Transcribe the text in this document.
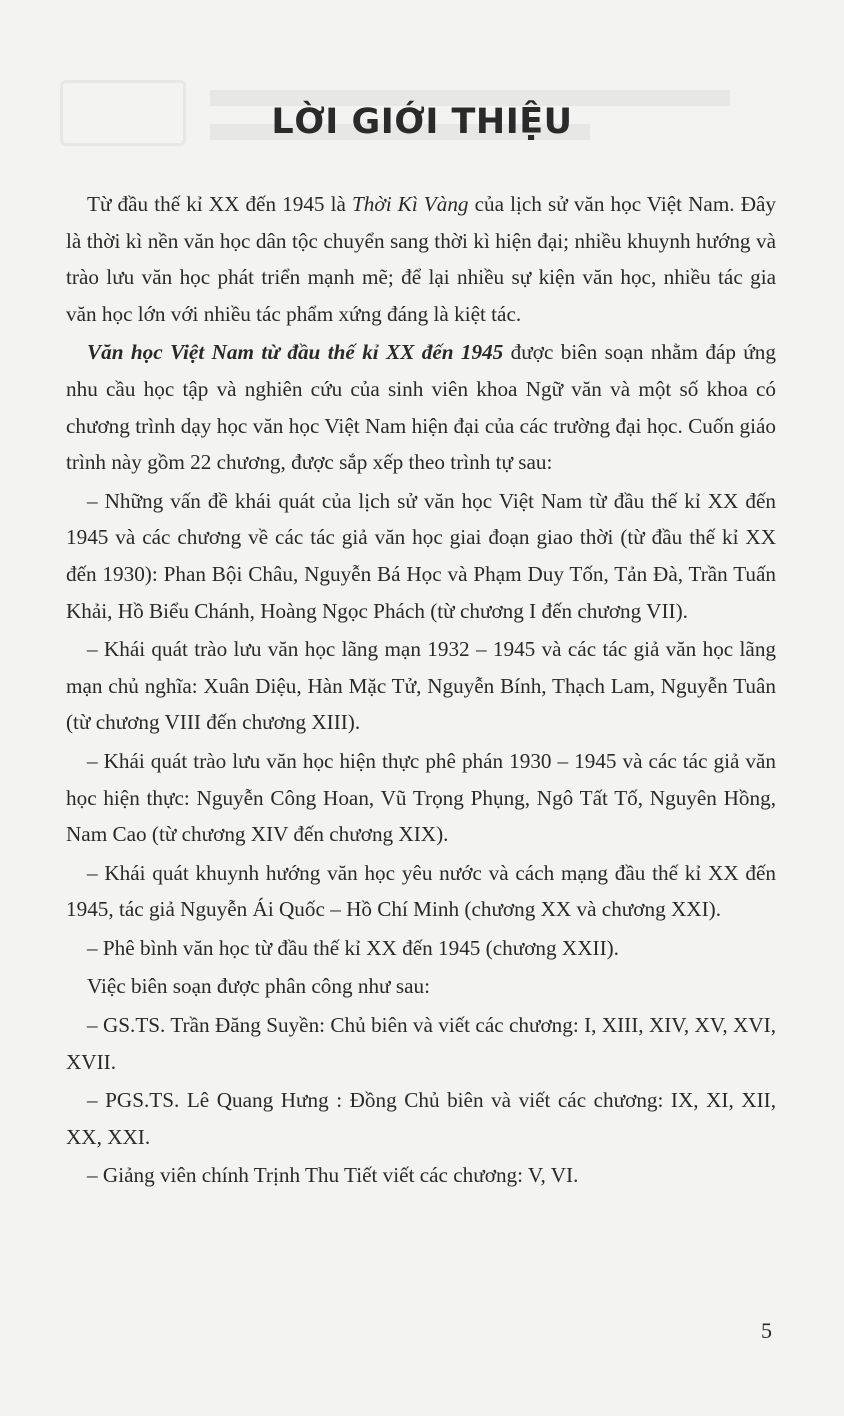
LỜI GIỚI THIỆU

Từ đầu thế kỉ XX đến 1945 là Thời Kì Vàng của lịch sử văn học Việt Nam. Đây là thời kì nền văn học dân tộc chuyển sang thời kì hiện đại; nhiều khuynh hướng và trào lưu văn học phát triển mạnh mẽ; để lại nhiều sự kiện văn học, nhiều tác gia văn học lớn với nhiều tác phẩm xứng đáng là kiệt tác.

Văn học Việt Nam từ đầu thế kỉ XX đến 1945 được biên soạn nhằm đáp ứng nhu cầu học tập và nghiên cứu của sinh viên khoa Ngữ văn và một số khoa có chương trình dạy học văn học Việt Nam hiện đại của các trường đại học. Cuốn giáo trình này gồm 22 chương, được sắp xếp theo trình tự sau:

– Những vấn đề khái quát của lịch sử văn học Việt Nam từ đầu thế kỉ XX đến 1945 và các chương về các tác giả văn học giai đoạn giao thời (từ đầu thế kỉ XX đến 1930): Phan Bội Châu, Nguyễn Bá Học và Phạm Duy Tốn, Tản Đà, Trần Tuấn Khải, Hồ Biểu Chánh, Hoàng Ngọc Phách (từ chương I đến chương VII).

– Khái quát trào lưu văn học lãng mạn 1932 – 1945 và các tác giả văn học lãng mạn chủ nghĩa: Xuân Diệu, Hàn Mặc Tử, Nguyễn Bính, Thạch Lam, Nguyễn Tuân (từ chương VIII đến chương XIII).

– Khái quát trào lưu văn học hiện thực phê phán 1930 – 1945 và các tác giả văn học hiện thực: Nguyễn Công Hoan, Vũ Trọng Phụng, Ngô Tất Tố, Nguyên Hồng, Nam Cao (từ chương XIV đến chương XIX).

– Khái quát khuynh hướng văn học yêu nước và cách mạng đầu thế kỉ XX đến 1945, tác giả Nguyễn Ái Quốc – Hồ Chí Minh (chương XX và chương XXI).

– Phê bình văn học từ đầu thế kỉ XX đến 1945 (chương XXII).

Việc biên soạn được phân công như sau:

– GS.TS. Trần Đăng Suyền: Chủ biên và viết các chương: I, XIII, XIV, XV, XVI, XVII.

– PGS.TS. Lê Quang Hưng : Đồng Chủ biên và viết các chương: IX, XI, XII, XX, XXI.

– Giảng viên chính Trịnh Thu Tiết viết các chương: V, VI.

5
